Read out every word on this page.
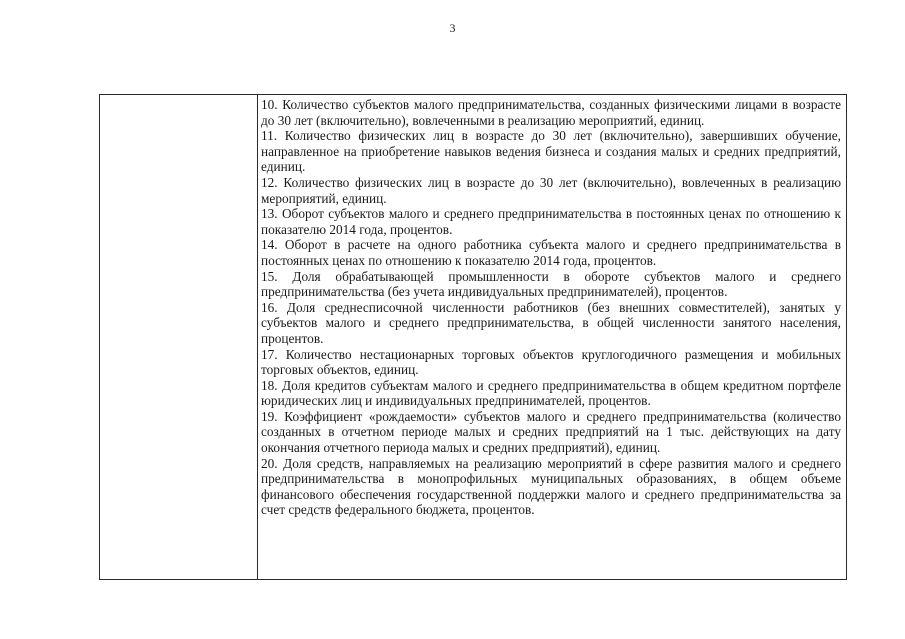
3

10. Количество субъектов малого предпринимательства, созданных физическими лицами в возрасте до 30 лет (включительно), вовлеченными в реализацию мероприятий, единиц.

11. Количество физических лиц в возрасте до 30 лет (включительно), завершивших обучение, направленное на приобретение навыков ведения бизнеса и создания малых и средних предприятий, единиц.

12. Количество физических лиц в возрасте до 30 лет (включительно), вовлеченных в реализацию мероприятий, единиц.

13. Оборот субъектов малого и среднего предпринимательства в постоянных ценах по отношению к показателю 2014 года, процентов.

14. Оборот в расчете на одного работника субъекта малого и среднего предпринимательства в постоянных ценах по отношению к показателю 2014 года, процентов.

15. Доля обрабатывающей промышленности в обороте субъектов малого и среднего предпринимательства (без учета индивидуальных предпринимателей), процентов.

16. Доля среднесписочной численности работников (без внешних совместителей), занятых у субъектов малого и среднего предпринимательства, в общей численности занятого населения, процентов.

17. Количество нестационарных торговых объектов круглогодичного размещения и мобильных торговых объектов, единиц.

18. Доля кредитов субъектам малого и среднего предпринимательства в общем кредитном портфеле юридических лиц и индивидуальных предпринимателей, процентов.

19. Коэффициент «рождаемости» субъектов малого и среднего предпринимательства (количество созданных в отчетном периоде малых и средних предприятий на 1 тыс. действующих на дату окончания отчетного периода малых и средних предприятий), единиц.

20. Доля средств, направляемых на реализацию мероприятий в сфере развития малого и среднего предпринимательства в монопрофильных муниципальных образованиях, в общем объеме финансового обеспечения государственной поддержки малого и среднего предпринимательства за счет средств федерального бюджета, процентов.
